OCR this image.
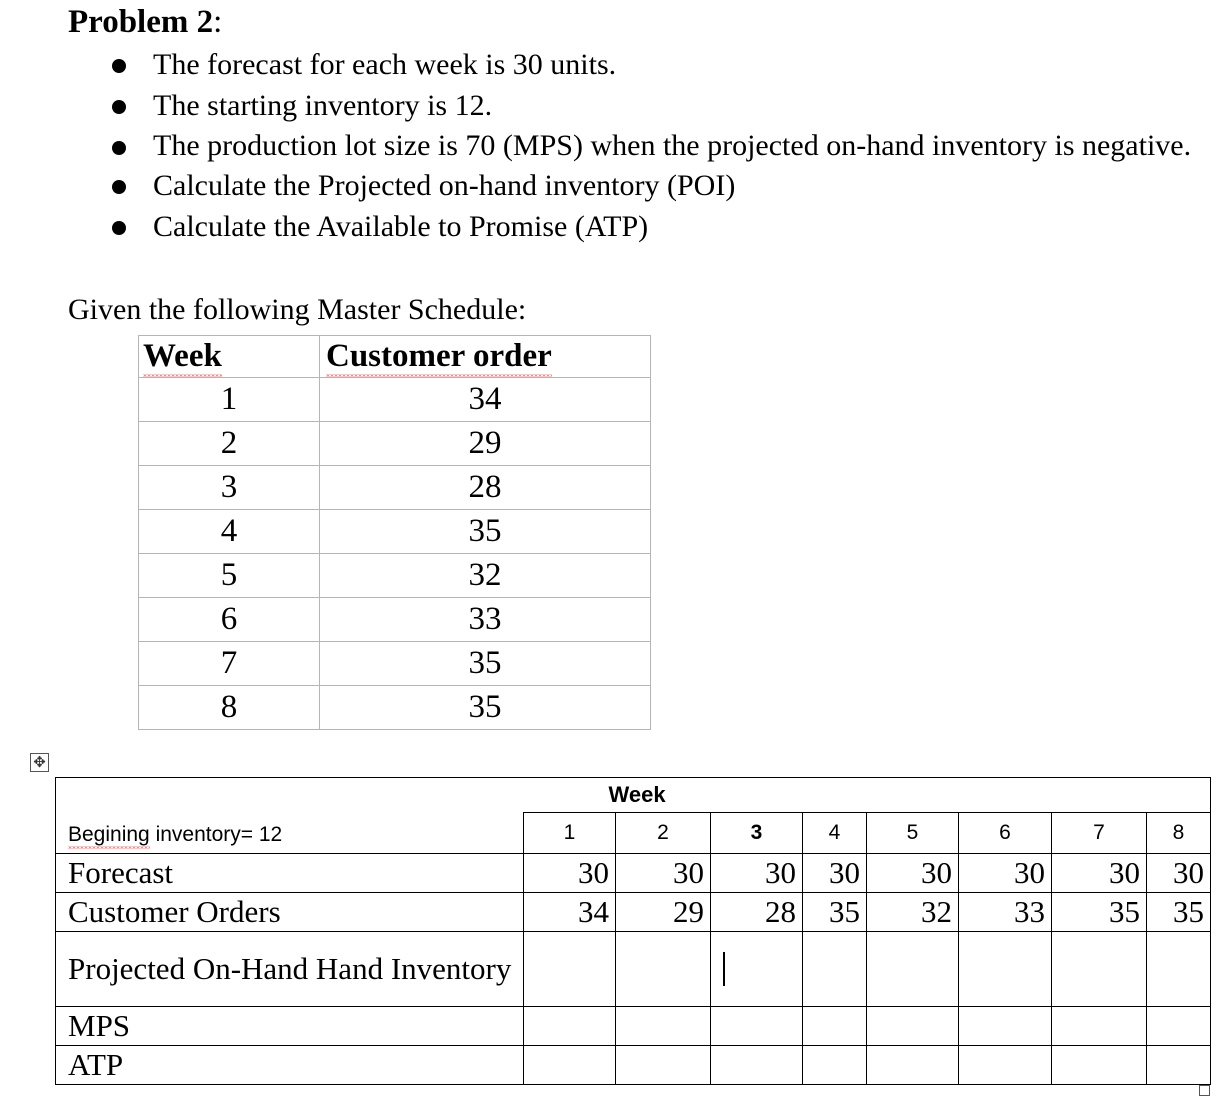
Problem 2:
The forecast for each week is 30 units.
The starting inventory is 12.
The production lot size is 70 (MPS) when the projected on-hand inventory is negative.
Calculate the Projected on-hand inventory (POI)
Calculate the Available to Promise (ATP)
Given the following Master Schedule:
Week	Customer order
1	34
2	29
3	28
4	35
5	32
6	33
7	35
8	35
✥
	Week							
Begining inventory= 12	1	2	3	4	5	6	7	8
Forecast	30	30	30	30	30	30	30	30
Customer Orders	34	29	28	35	32	33	35	35
Projected On-Hand Hand Inventory								
MPS								
ATP								
